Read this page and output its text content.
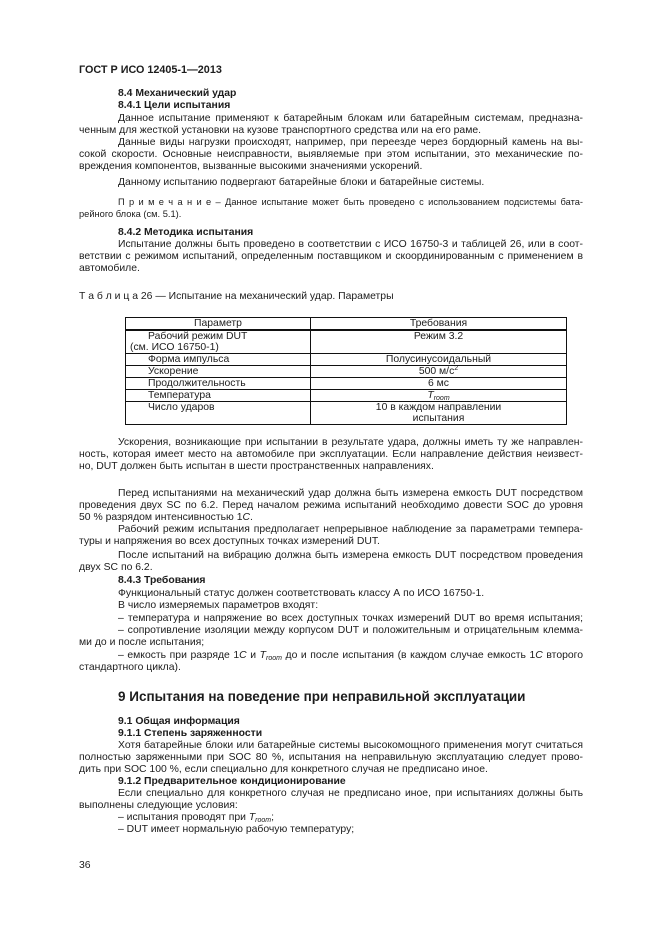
ГОСТ Р ИСО 12405-1—2013
8.4 Механический удар
8.4.1 Цели испытания
Данное испытание применяют к батарейным блокам или батарейным системам, предназна-
ченным для жесткой установки на кузове транспортного средства или на его раме.
Данные виды нагрузки происходят, например, при переезде через бордюрный камень на вы-
сокой скорости. Основные неисправности, выявляемые при этом испытании, это механические по-
вреждения компонентов, вызванные высокими значениями ускорений.
Данному испытанию подвергают батарейные блоки и батарейные системы.
П р и м е ч а н и е – Данное испытание может быть проведено с использованием подсистемы бата-
рейного блока (см. 5.1).
8.4.2 Методика испытания
Испытание должны быть проведено в соответствии с ИСО 16750-3 и таблицей 26, или в соот-
ветствии с режимом испытаний, определенным поставщиком и скоординированным с применением в
автомобиле.
Т а б л и ц а 26 — Испытание на механический удар. Параметры
Ускорения, возникающие при испытании в результате удара, должны иметь ту же направлен-
ность, которая имеет место на автомобиле при эксплуатации. Если направление действия неизвест-
но, DUT должен быть испытан в шести пространственных направлениях.
Перед испытаниями на механический удар должна быть измерена емкость DUT посредством
проведения двух SC по 6.2. Перед началом режима испытаний необходимо довести SOC до уровня
50 % разрядом интенсивностью 1C.
Рабочий режим испытания предполагает непрерывное наблюдение за параметрами темпера-
туры и напряжения во всех доступных точках измерений DUT.
После испытаний на вибрацию должна быть измерена емкость DUT посредством проведения
двух SC по 6.2.
8.4.3 Требования
Функциональный статус должен соответствовать классу А по ИСО 16750-1.
В число измеряемых параметров входят:
– температура и напряжение во всех доступных точках измерений DUT во время испытания;
– сопротивление изоляции между корпусом DUT и положительным и отрицательным клемма-
ми до и после испытания;
– емкость при разряде 1C и $T_{room}$ до и после испытания (в каждом случае емкость 1C второго
стандартного цикла).
9 Испытания на поведение при неправильной эксплуатации
9.1 Общая информация
9.1.1 Степень заряженности
Хотя батарейные блоки или батарейные системы высокомощного применения могут считаться
полностью заряженными при SOC 80 %, испытания на неправильную эксплуатацию следует прово-
дить при SOC 100 %, если специально для конкретного случая не предписано иное.
9.1.2 Предварительное кондиционирование
Если специально для конкретного случая не предписано иное, при испытаниях должны быть
выполнены следующие условия:
– испытания проводят при $T_{room}$;
– DUT имеет нормальную рабочую температуру;
Параметр	Требования
Рабочий режим DUT
(см. ИСО 16750-1)	Режим 3.2
Форма импульса	Полусинусоидальный
Ускорение	500 $м/с^2$
Продолжительность	6 мс
Температура	$T_{room}$
Число ударов	10 в каждом направлении
испытания
36
